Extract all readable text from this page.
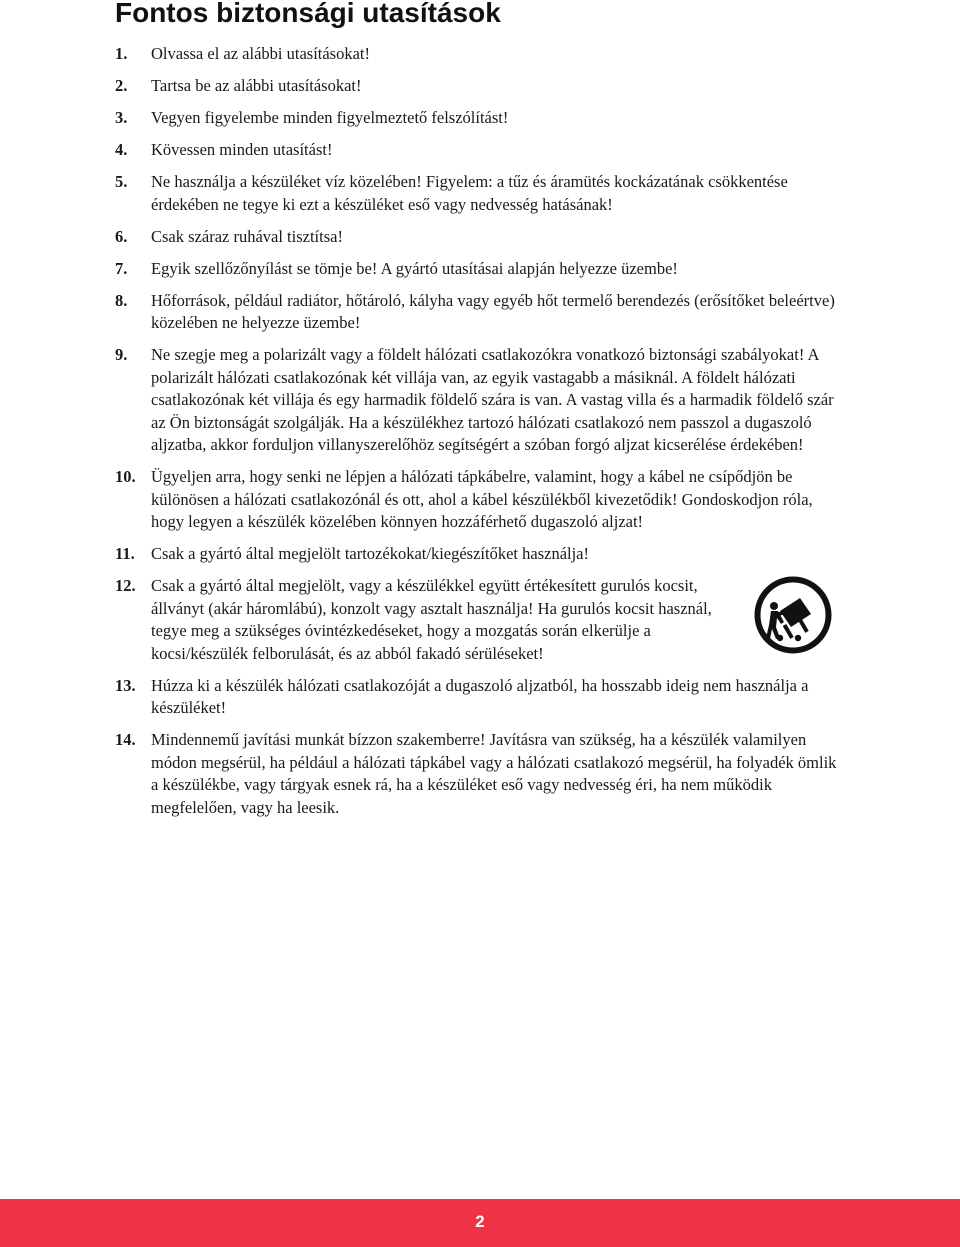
Fontos biztonsági utasítások
1. Olvassa el az alábbi utasításokat!
2. Tartsa be az alábbi utasításokat!
3. Vegyen figyelembe minden figyelmeztető felszólítást!
4. Kövessen minden utasítást!
5. Ne használja a készüléket víz közelében! Figyelem: a tűz és áramütés kockázatának csökkentése érdekében ne tegye ki ezt a készüléket eső vagy nedvesség hatásának!
6. Csak száraz ruhával tisztítsa!
7. Egyik szellőzőnyílást se tömje be! A gyártó utasításai alapján helyezze üzembe!
8. Hőforrások, például radiátor, hőtároló, kályha vagy egyéb hőt termelő berendezés (erősítőket beleértve) közelében ne helyezze üzembe!
9. Ne szegje meg a polarizált vagy a földelt hálózati csatlakozókra vonatkozó biztonsági szabályokat! A polarizált hálózati csatlakozónak két villája van, az egyik vastagabb a másiknál. A földelt hálózati csatlakozónak két villája és egy harmadik földelő szára is van. A vastag villa és a harmadik földelő szár az Ön biztonságát szolgálják. Ha a készülékhez tartozó hálózati csatlakozó nem passzol a dugaszoló aljzatba, akkor forduljon villanyszerelőhöz segítségért a szóban forgó aljzat kicserélése érdekében!
10. Ügyeljen arra, hogy senki ne lépjen a hálózati tápkábelre, valamint, hogy a kábel ne csípődjön be különösen a hálózati csatlakozónál és ott, ahol a kábel készülékből kivezetődik! Gondoskodjon róla, hogy legyen a készülék közelében könnyen hozzáférhető dugaszoló aljzat!
11. Csak a gyártó által megjelölt tartozékokat/kiegészítőket használja!
12. Csak a gyártó által megjelölt, vagy a készülékkel együtt értékesített gurulós kocsit, állványt (akár háromlábú), konzolt vagy asztalt használja! Ha gurulós kocsit használ, tegye meg a szükséges óvintézkedéseket, hogy a mozgatás során elkerülje a kocsi/készülék felborulását, és az abból fakadó sérüléseket!
13. Húzza ki a készülék hálózati csatlakozóját a dugaszoló aljzatból, ha hosszabb ideig nem használja a készüléket!
14. Mindennemű javítási munkát bízzon szakemberre! Javításra van szükség, ha a készülék valamilyen módon megsérül, ha például a hálózati tápkábel vagy a hálózati csatlakozó megsérül, ha folyadék ömlik a készülékbe, vagy tárgyak esnek rá, ha a készüléket eső vagy nedvesség éri, ha nem működik megfelelően, vagy ha leesik.
2
